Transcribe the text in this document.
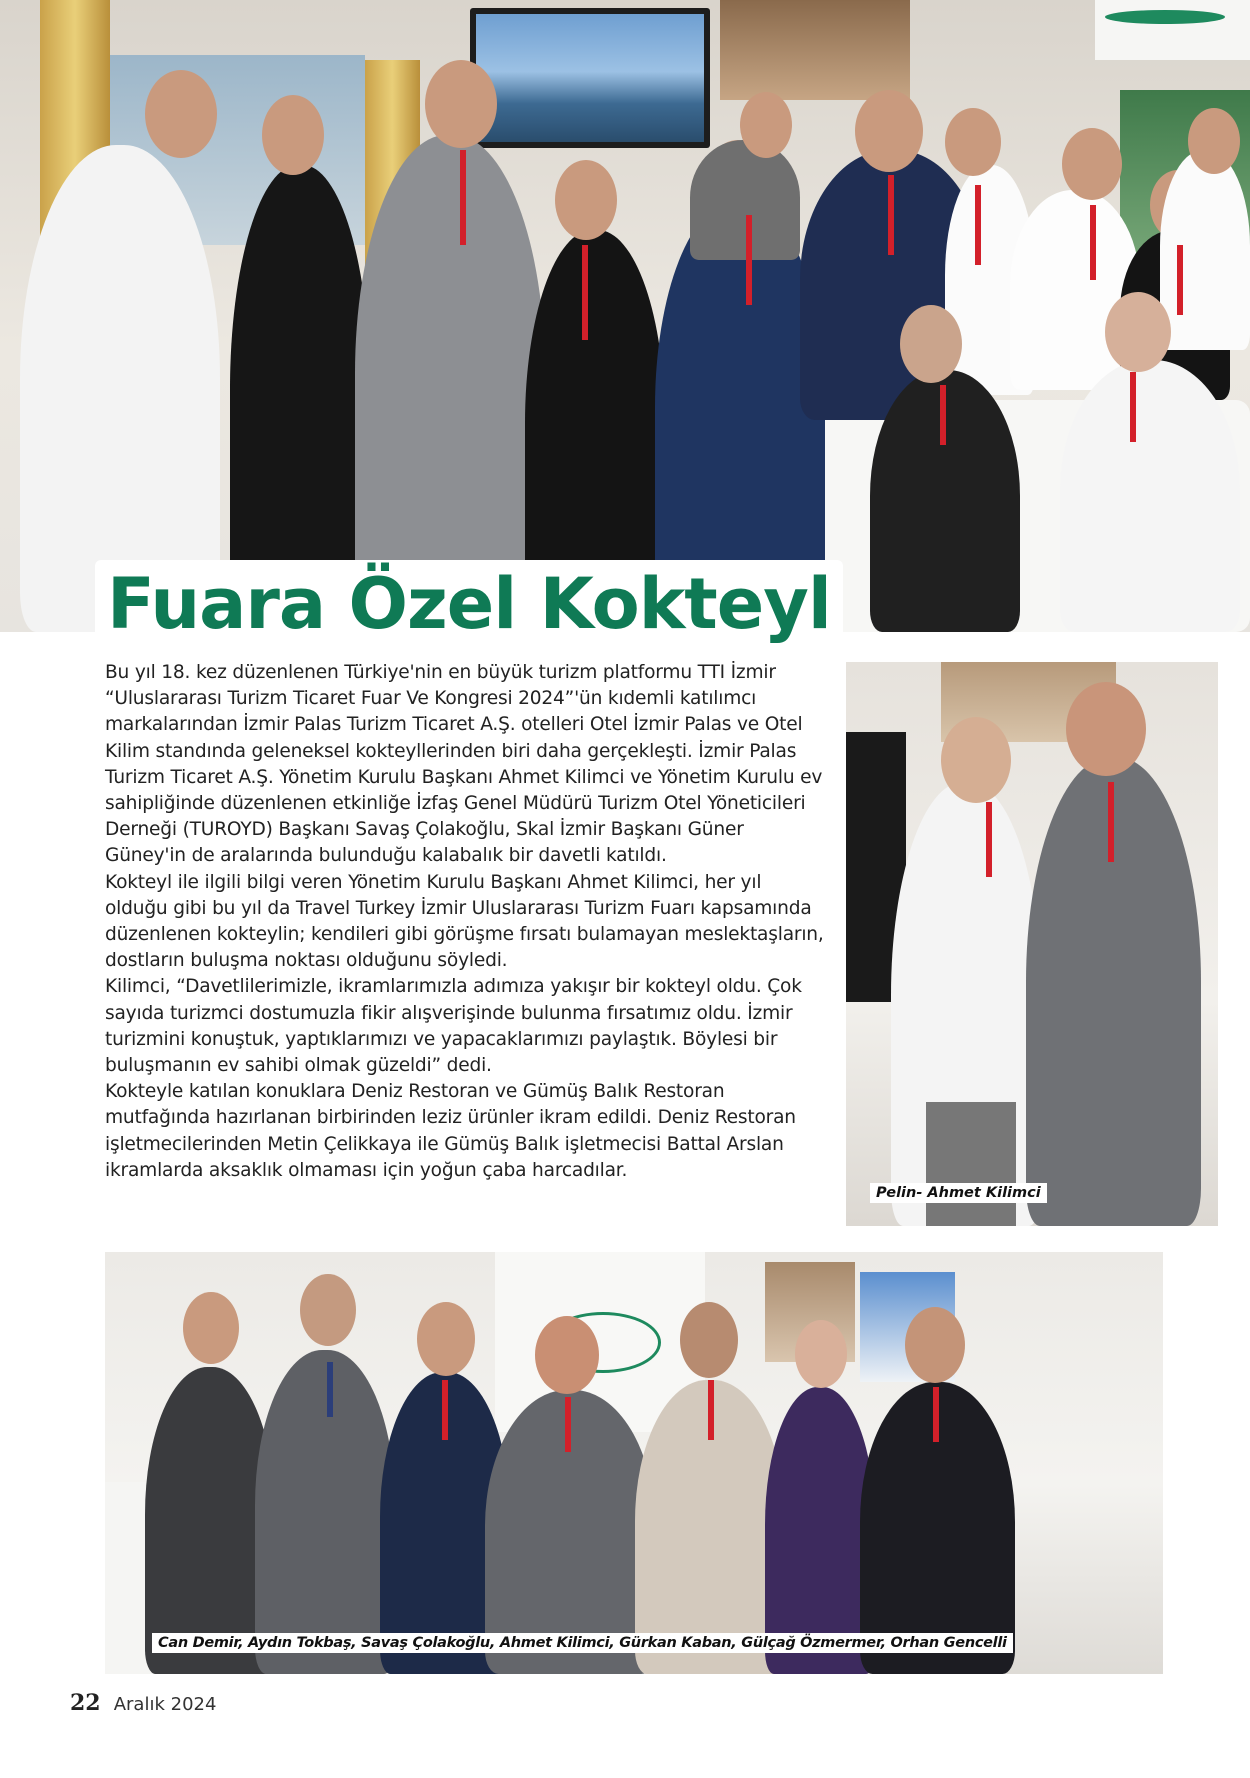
Fuara Özel Kokteyl

Bu yıl 18. kez düzenlenen Türkiye'nin en büyük turizm platformu TTI İzmir “Uluslararası Turizm Ticaret Fuar Ve Kongresi 2024”'ün kıdemli katılımcı markalarından İzmir Palas Turizm Ticaret A.Ş. otelleri Otel İzmir Palas ve Otel Kilim standında geleneksel kokteyllerinden biri daha gerçekleşti. İzmir Palas Turizm Ticaret A.Ş. Yönetim Kurulu Başkanı Ahmet Kilimci ve Yönetim Kurulu ev sahipliğinde düzenlenen etkinliğe İzfaş Genel Müdürü Turizm Otel Yöneticileri Derneği (TUROYD) Başkanı Savaş Çolakoğlu, Skal İzmir Başkanı Güner Güney'in de aralarında bulunduğu kalabalık bir davetli katıldı.

Kokteyl ile ilgili bilgi veren Yönetim Kurulu Başkanı Ahmet Kilimci, her yıl olduğu gibi bu yıl da Travel Turkey İzmir Uluslararası Turizm Fuarı kapsamında düzenlenen kokteylin; kendileri gibi görüşme fırsatı bulamayan meslektaşların, dostların buluşma noktası olduğunu söyledi.

Kilimci, “Davetlilerimizle, ikramlarımızla adımıza yakışır bir kokteyl oldu. Çok sayıda turizmci dostumuzla fikir alışverişinde bulunma fırsatımız oldu. İzmir turizmini konuştuk, yaptıklarımızı ve yapacaklarımızı paylaştık. Böylesi bir buluşmanın ev sahibi olmak güzeldi” dedi.

Kokteyle katılan konuklara Deniz Restoran ve Gümüş Balık Restoran mutfağında hazırlanan birbirinden leziz ürünler ikram edildi. Deniz Restoran işletmecilerinden Metin Çelikkaya ile Gümüş Balık işletmecisi Battal Arslan ikramlarda aksaklık olmaması için yoğun çaba harcadılar.

Pelin- Ahmet Kilimci
Can Demir, Aydın Tokbaş, Savaş Çolakoğlu, Ahmet Kilimci, Gürkan Kaban, Gülçağ Özmermer, Orhan Gencelli
22 Aralık 2024
